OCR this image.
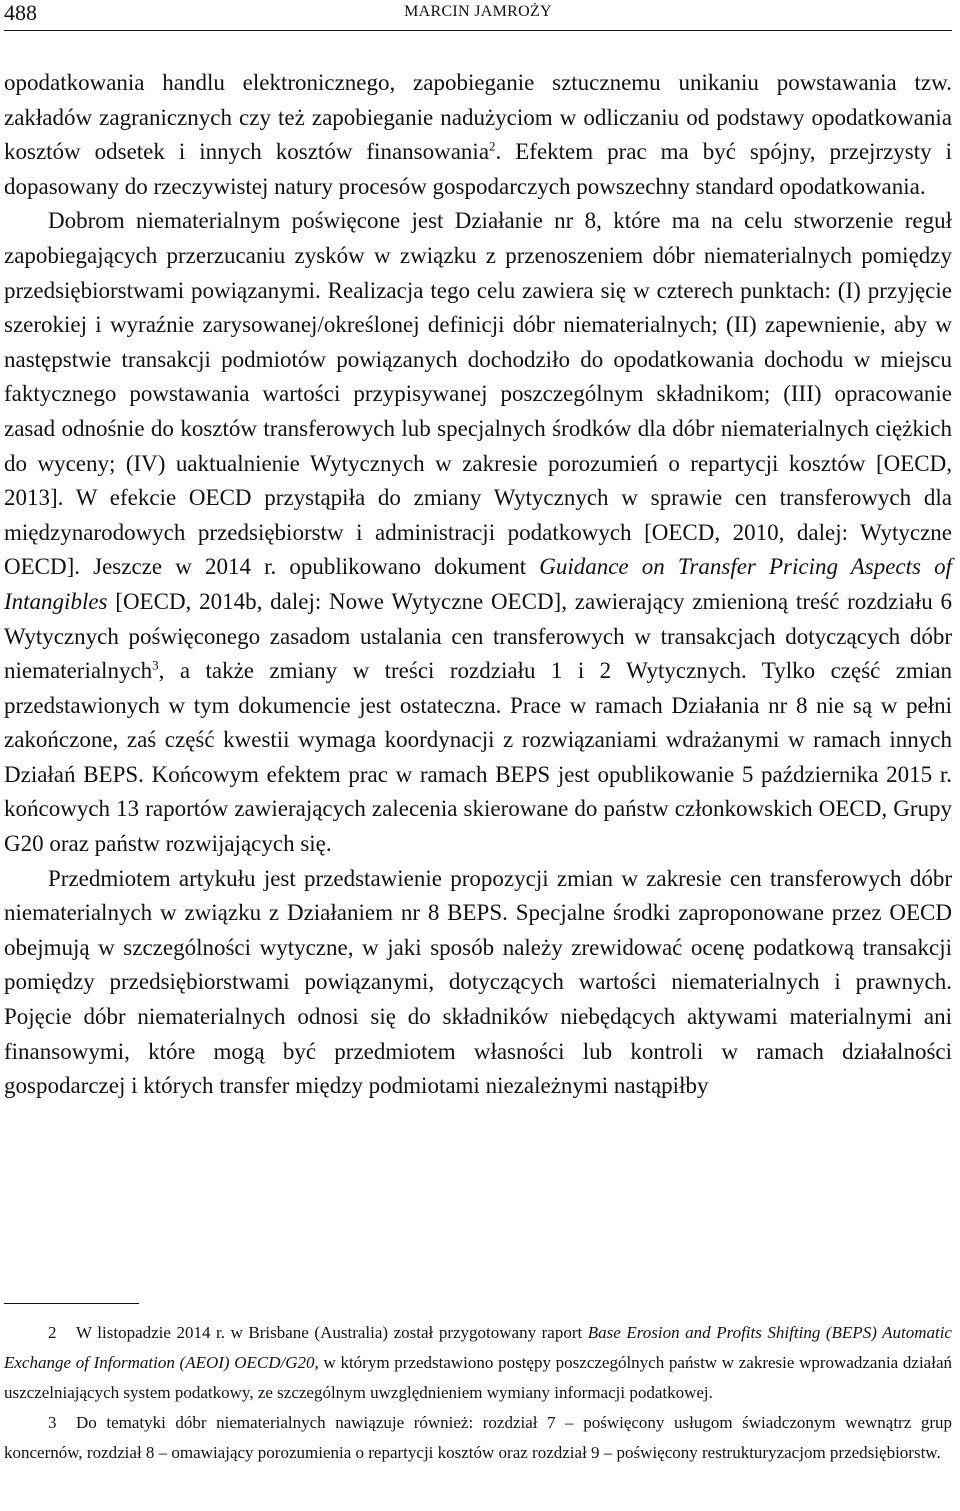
488	MARCIN JAMROŻY

opodatkowania handlu elektronicznego, zapobieganie sztucznemu unikaniu powstawania tzw. zakładów zagranicznych czy też zapobieganie nadużyciom w odliczaniu od podstawy opodatkowania kosztów odsetek i innych kosztów finansowania$^2$. Efektem prac ma być spójny, przejrzysty i dopasowany do rzeczywistej natury procesów gospodarczych powszechny standard opodatkowania.

Dobrom niematerialnym poświęcone jest Działanie nr 8, które ma na celu stworzenie reguł zapobiegających przerzucaniu zysków w związku z przenoszeniem dóbr niematerialnych pomiędzy przedsiębiorstwami powiązanymi. Realizacja tego celu zawiera się w czterech punktach: (I) przyjęcie szerokiej i wyraźnie zarysowanej/określonej definicji dóbr niematerialnych; (II) zapewnienie, aby w następstwie transakcji podmiotów powiązanych dochodziło do opodatkowania dochodu w miejscu faktycznego powstawania wartości przypisywanej poszczególnym składnikom; (III) opracowanie zasad odnośnie do kosztów transferowych lub specjalnych środków dla dóbr niematerialnych ciężkich do wyceny; (IV) uaktualnienie Wytycznych w zakresie porozumień o repartycji kosztów [OECD, 2013]. W efekcie OECD przystąpiła do zmiany Wytycznych w sprawie cen transferowych dla międzynarodowych przedsiębiorstw i administracji podatkowych [OECD, 2010, dalej: Wytyczne OECD]. Jeszcze w 2014 r. opublikowano dokument Guidance on Transfer Pricing Aspects of Intangibles [OECD, 2014b, dalej: Nowe Wytyczne OECD], zawierający zmienioną treść rozdziału 6 Wytycznych poświęconego zasadom ustalania cen transferowych w transakcjach dotyczących dóbr niematerialnych$^3$, a także zmiany w treści rozdziału 1 i 2 Wytycznych. Tylko część zmian przedstawionych w tym dokumencie jest ostateczna. Prace w ramach Działania nr 8 nie są w pełni zakończone, zaś część kwestii wymaga koordynacji z rozwiązaniami wdrażanymi w ramach innych Działań BEPS. Końcowym efektem prac w ramach BEPS jest opublikowanie 5 października 2015 r. końcowych 13 raportów zawierających zalecenia skierowane do państw członkowskich OECD, Grupy G20 oraz państw rozwijających się.

Przedmiotem artykułu jest przedstawienie propozycji zmian w zakresie cen transferowych dóbr niematerialnych w związku z Działaniem nr 8 BEPS. Specjalne środki zaproponowane przez OECD obejmują w szczególności wytyczne, w jaki sposób należy zrewidować ocenę podatkową transakcji pomiędzy przedsiębiorstwami powiązanymi, dotyczących wartości niematerialnych i prawnych. Pojęcie dóbr niematerialnych odnosi się do składników niebędących aktywami materialnymi ani finansowymi, które mogą być przedmiotem własności lub kontroli w ramach działalności gospodarczej i których transfer między podmiotami niezależnymi nastąpiłby

2 W listopadzie 2014 r. w Brisbane (Australia) został przygotowany raport Base Erosion and Profits Shifting (BEPS) Automatic Exchange of Information (AEOI) OECD/G20, w którym przedstawiono postępy poszczególnych państw w zakresie wprowadzania działań uszczelniających system podatkowy, ze szczególnym uwzględnieniem wymiany informacji podatkowej.

3 Do tematyki dóbr niematerialnych nawiązuje również: rozdział 7 – poświęcony usługom świadczonym wewnątrz grup koncernów, rozdział 8 – omawiający porozumienia o repartycji kosztów oraz rozdział 9 – poświęcony restrukturyzacjom przedsiębiorstw.
